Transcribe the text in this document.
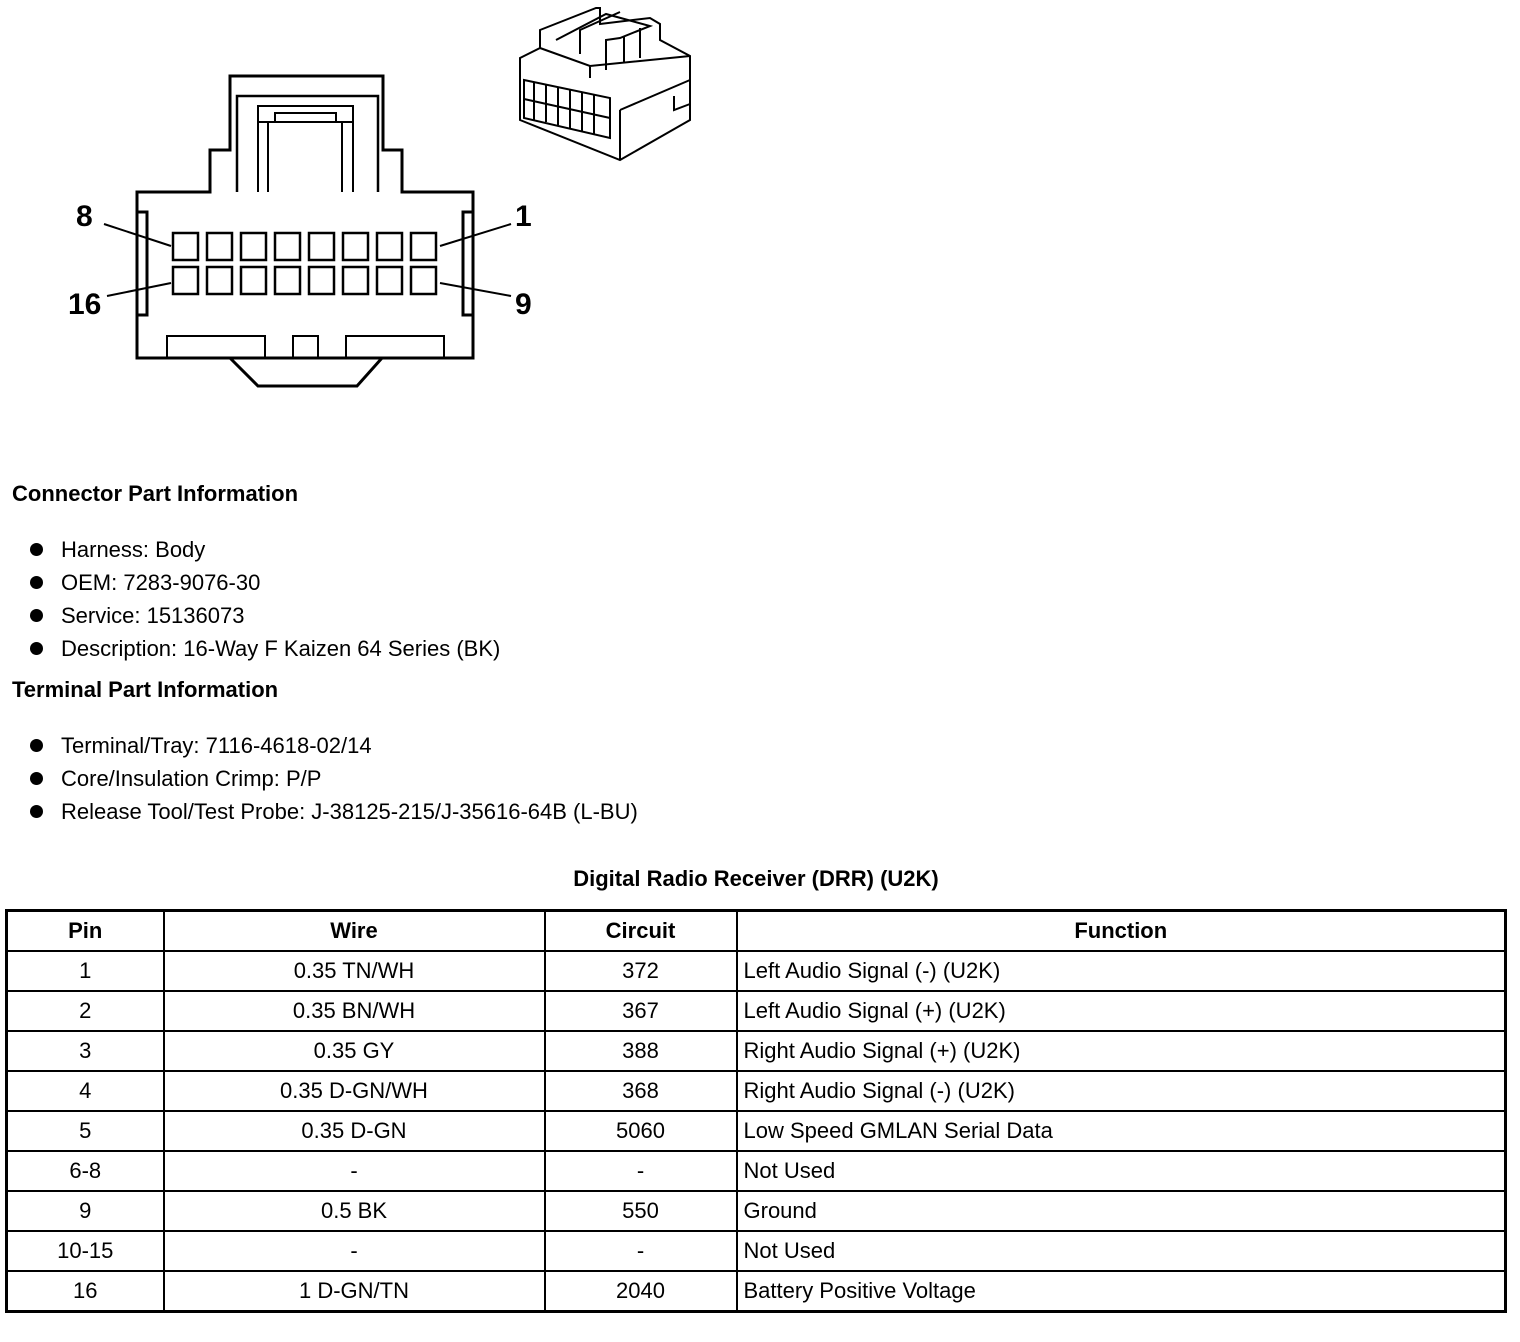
8	1
16	9
Connector Part Information
Harness: Body
OEM: 7283-9076-30
Service: 15136073
Description: 16-Way F Kaizen 64 Series (BK)
Terminal Part Information
Terminal/Tray: 7116-4618-02/14
Core/Insulation Crimp: P/P
Release Tool/Test Probe: J-38125-215/J-35616-64B (L-BU)
Digital Radio Receiver (DRR) (U2K)
Pin	Wire	Circuit	Function
1	0.35 TN/WH	372	Left Audio Signal (-) (U2K)
2	0.35 BN/WH	367	Left Audio Signal (+) (U2K)
3	0.35 GY	388	Right Audio Signal (+) (U2K)
4	0.35 D-GN/WH	368	Right Audio Signal (-) (U2K)
5	0.35 D-GN	5060	Low Speed GMLAN Serial Data
6-8	-	-	Not Used
9	0.5 BK	550	Ground
10-15	-	-	Not Used
16	1 D-GN/TN	2040	Battery Positive Voltage
